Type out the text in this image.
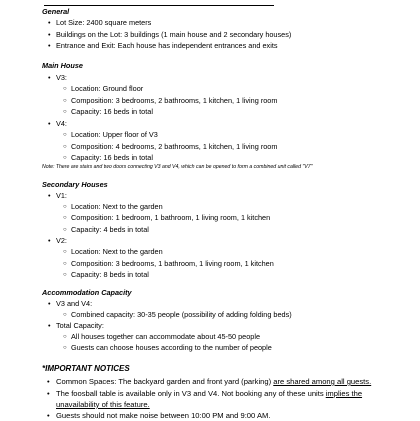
General
• Lot Size: 2400 square meters
• Buildings on the Lot: 3 buildings (1 main house and 2 secondary houses)
• Entrance and Exit: Each house has independent entrances and exits
Main House
• V3:
○ Location: Ground floor
○ Composition: 3 bedrooms, 2 bathrooms, 1 kitchen, 1 living room
○ Capacity: 16 beds in total
• V4:
○ Location: Upper floor of V3
○ Composition: 4 bedrooms, 2 bathrooms, 1 kitchen, 1 living room
○ Capacity: 16 beds in total
Note: There are stairs and two doors connecting V3 and V4, which can be opened to form a combined unit called "V7"
Secondary Houses
• V1:
○ Location: Next to the garden
○ Composition: 1 bedroom, 1 bathroom, 1 living room, 1 kitchen
○ Capacity: 4 beds in total
• V2:
○ Location: Next to the garden
○ Composition: 3 bedrooms, 1 bathroom, 1 living room, 1 kitchen
○ Capacity: 8 beds in total
Accommodation Capacity
• V3 and V4:
○ Combined capacity: 30-35 people (possibility of adding folding beds)
• Total Capacity:
○ All houses together can accommodate about 45-50 people
○ Guests can choose houses according to the number of people
*IMPORTANT NOTICES
• Common Spaces: The backyard garden and front yard (parking) are shared among all guests.
• The foosball table is available only in V3 and V4. Not booking any of these units implies the
unavailability of this feature.
• Guests should not make noise between 10:00 PM and 9:00 AM.
